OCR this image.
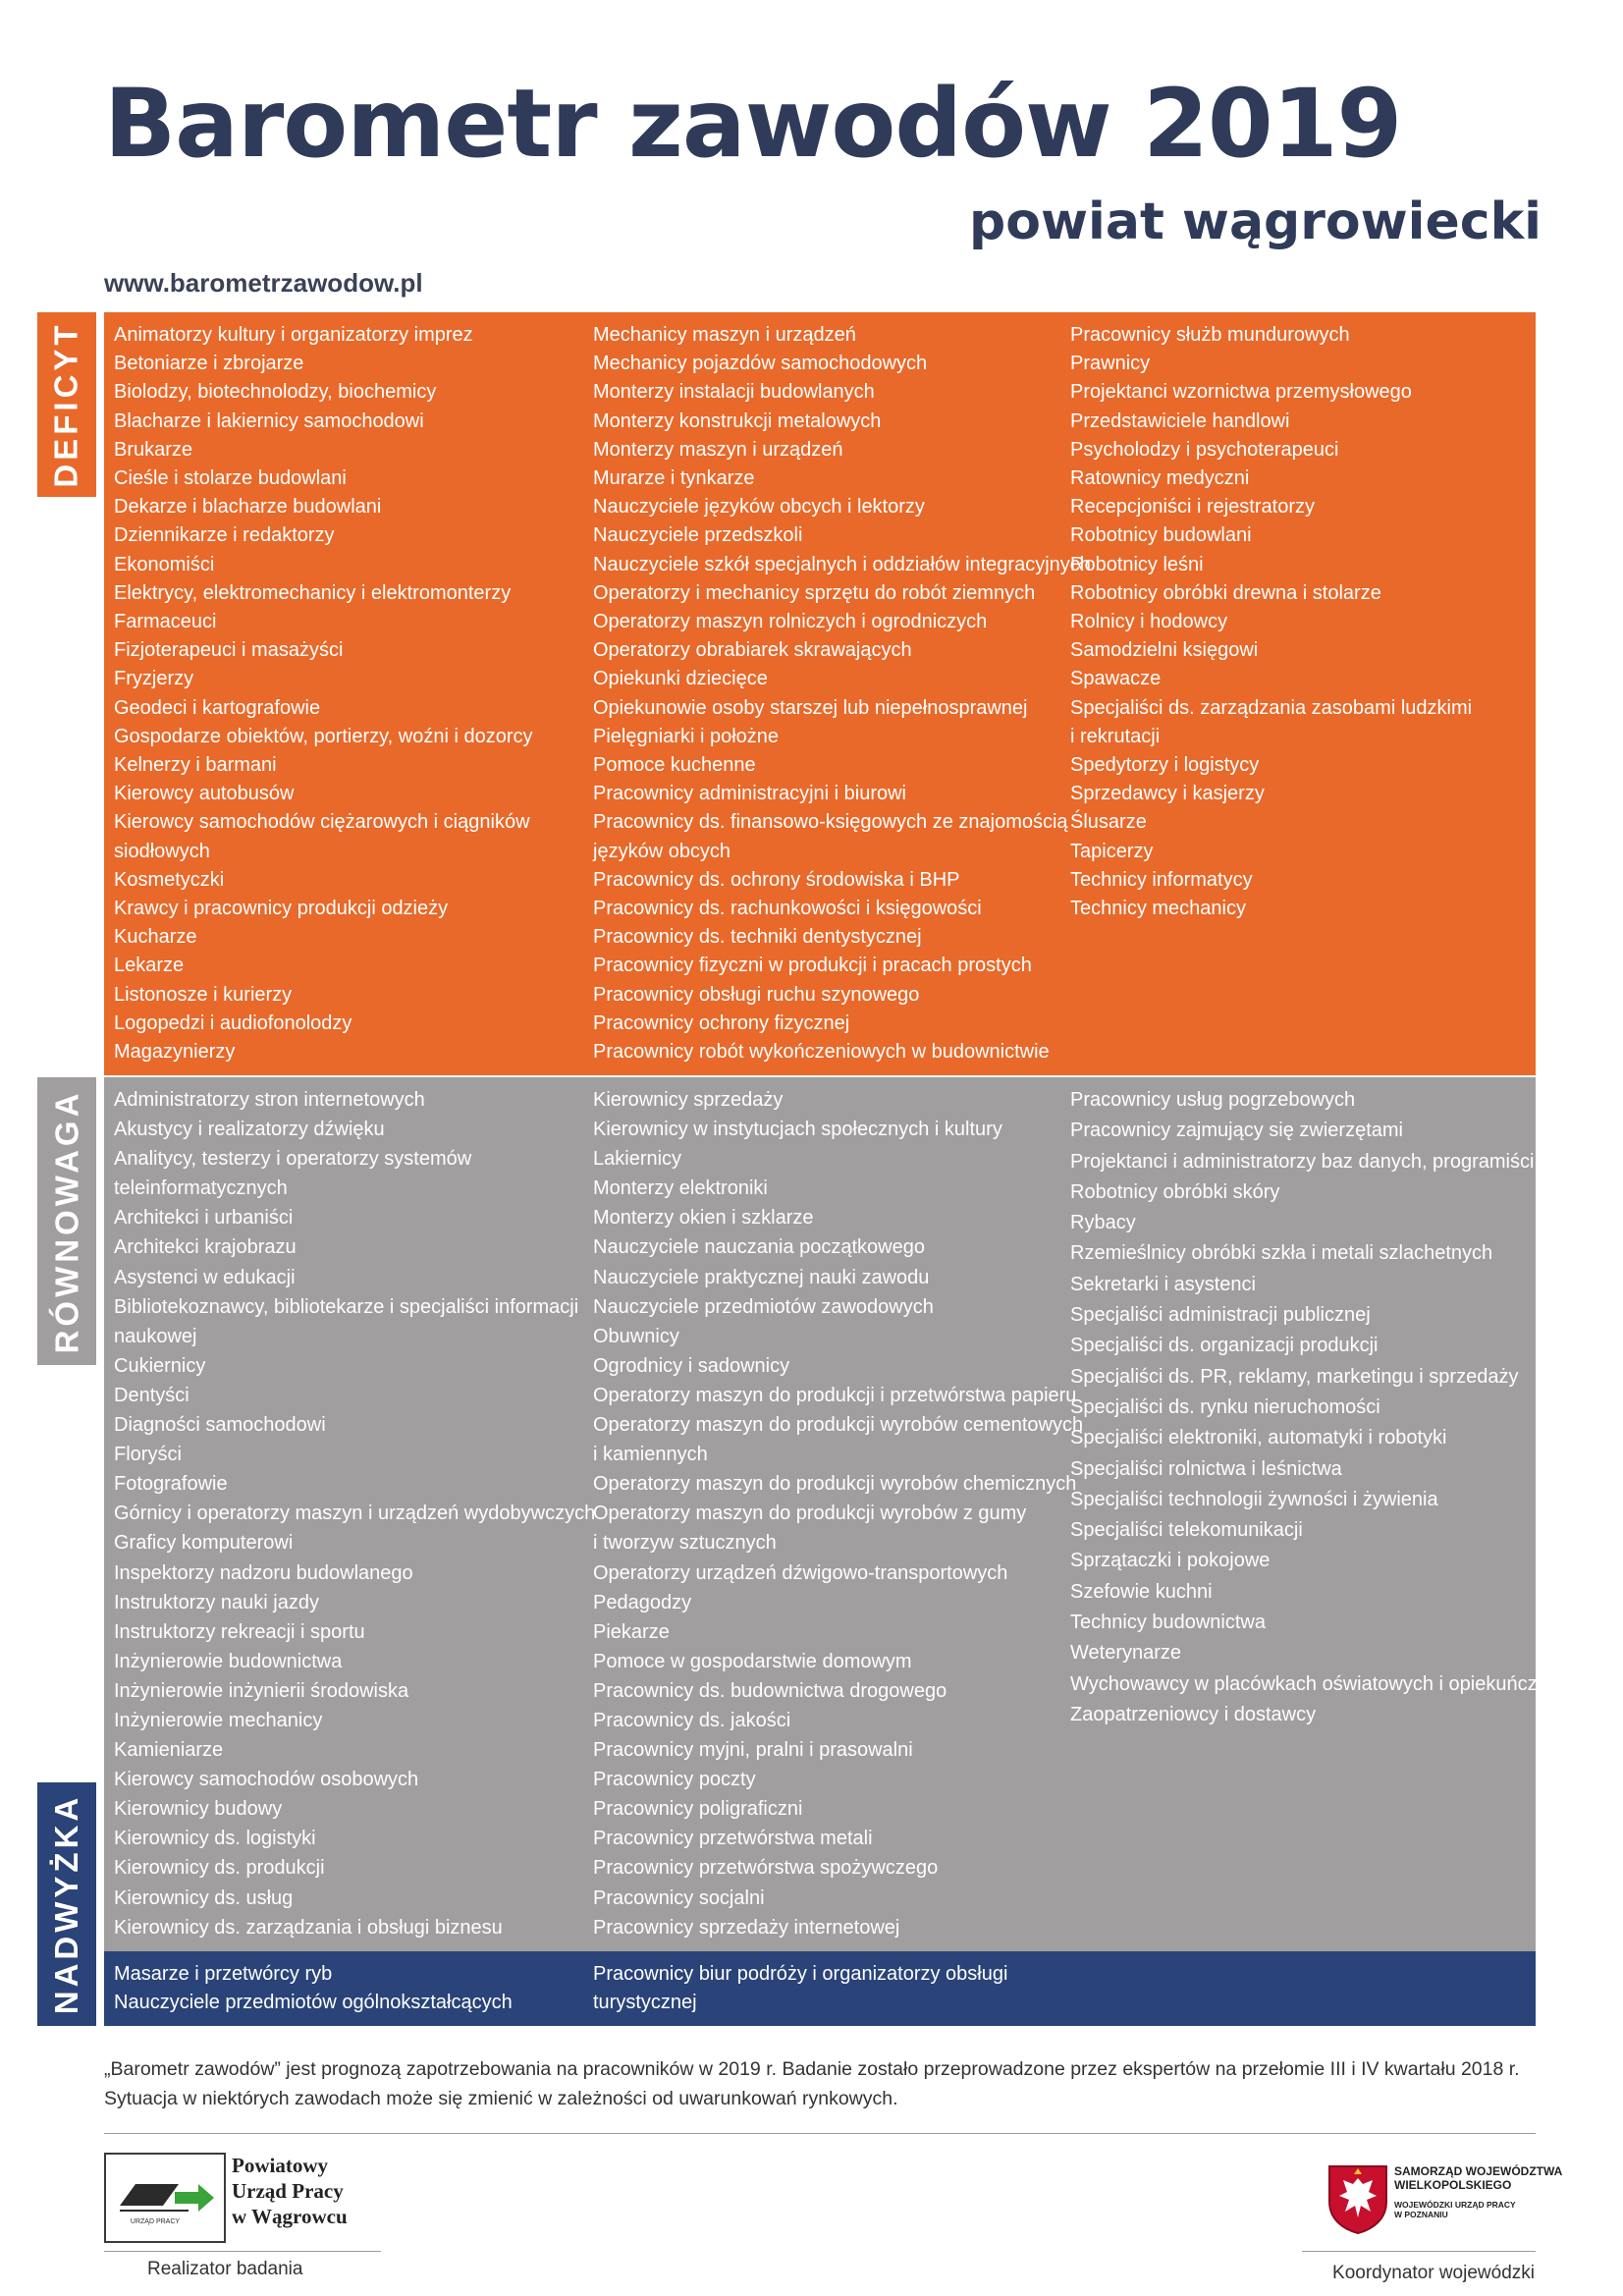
Barometr zawodów 2019
powiat wągrowiecki
www.barometrzawodow.pl
DEFICYT Animatorzy kultury i organizatorzy imprez
Betoniarze i zbrojarze
Biolodzy, biotechnolodzy, biochemicy
Blacharze i lakiernicy samochodowi
Brukarze
Cieśle i stolarze budowlani
Dekarze i blacharze budowlani
Dziennikarze i redaktorzy
Ekonomiści
Elektrycy, elektromechanicy i elektromonterzy
Farmaceuci
Fizjoterapeuci i masażyści
Fryzjerzy
Geodeci i kartografowie
Gospodarze obiektów, portierzy, woźni i dozorcy
Kelnerzy i barmani
Kierowcy autobusów
Kierowcy samochodów ciężarowych i ciągników
siodłowych
Kosmetyczki
Krawcy i pracownicy produkcji odzieży
Kucharze
Lekarze
Listonosze i kurierzy
Logopedzi i audiofonolodzy
Magazynierzy
Mechanicy maszyn i urządzeń
Mechanicy pojazdów samochodowych
Monterzy instalacji budowlanych
Monterzy konstrukcji metalowych
Monterzy maszyn i urządzeń
Murarze i tynkarze
Nauczyciele języków obcych i lektorzy
Nauczyciele przedszkoli
Nauczyciele szkół specjalnych i oddziałów integracyjnych
Operatorzy i mechanicy sprzętu do robót ziemnych
Operatorzy maszyn rolniczych i ogrodniczych
Operatorzy obrabiarek skrawających
Opiekunki dziecięce
Opiekunowie osoby starszej lub niepełnosprawnej
Pielęgniarki i położne
Pomoce kuchenne
Pracownicy administracyjni i biurowi
Pracownicy ds. finansowo-księgowych ze znajomością
języków obcych
Pracownicy ds. ochrony środowiska i BHP
Pracownicy ds. rachunkowości i księgowości
Pracownicy ds. techniki dentystycznej
Pracownicy fizyczni w produkcji i pracach prostych
Pracownicy obsługi ruchu szynowego
Pracownicy ochrony fizycznej
Pracownicy robót wykończeniowych w budownictwie
Pracownicy służb mundurowych
Prawnicy
Projektanci wzornictwa przemysłowego
Przedstawiciele handlowi
Psycholodzy i psychoterapeuci
Ratownicy medyczni
Recepcjoniści i rejestratorzy
Robotnicy budowlani
Robotnicy leśni
Robotnicy obróbki drewna i stolarze
Rolnicy i hodowcy
Samodzielni księgowi
Spawacze
Specjaliści ds. zarządzania zasobami ludzkimi
i rekrutacji
Spedytorzy i logistycy
Sprzedawcy i kasjerzy
Ślusarze
Tapicerzy
Technicy informatycy
Technicy mechanicy
RÓWNOWAGA Administratorzy stron internetowych
Akustycy i realizatorzy dźwięku
Analitycy, testerzy i operatorzy systemów
teleinformatycznych
Architekci i urbaniści
Architekci krajobrazu
Asystenci w edukacji
Bibliotekoznawcy, bibliotekarze i specjaliści informacji
naukowej
Cukiernicy
Dentyści
Diagności samochodowi
Floryści
Fotografowie
Górnicy i operatorzy maszyn i urządzeń wydobywczych
Graficy komputerowi
Inspektorzy nadzoru budowlanego
Instruktorzy nauki jazdy
Instruktorzy rekreacji i sportu
Inżynierowie budownictwa
Inżynierowie inżynierii środowiska
Inżynierowie mechanicy
Kamieniarze
Kierowcy samochodów osobowych
Kierownicy budowy
Kierownicy ds. logistyki
Kierownicy ds. produkcji
Kierownicy ds. usług
Kierownicy ds. zarządzania i obsługi biznesu
Kierownicy sprzedaży
Kierownicy w instytucjach społecznych i kultury
Lakiernicy
Monterzy elektroniki
Monterzy okien i szklarze
Nauczyciele nauczania początkowego
Nauczyciele praktycznej nauki zawodu
Nauczyciele przedmiotów zawodowych
Obuwnicy
Ogrodnicy i sadownicy
Operatorzy maszyn do produkcji i przetwórstwa papieru
Operatorzy maszyn do produkcji wyrobów cementowych
i kamiennych
Operatorzy maszyn do produkcji wyrobów chemicznych
Operatorzy maszyn do produkcji wyrobów z gumy
i tworzyw sztucznych
Operatorzy urządzeń dźwigowo-transportowych
Pedagodzy
Piekarze
Pomoce w gospodarstwie domowym
Pracownicy ds. budownictwa drogowego
Pracownicy ds. jakości
Pracownicy myjni, pralni i prasowalni
Pracownicy poczty
Pracownicy poligraficzni
Pracownicy przetwórstwa metali
Pracownicy przetwórstwa spożywczego
Pracownicy socjalni
Pracownicy sprzedaży internetowej
Pracownicy usług pogrzebowych
Pracownicy zajmujący się zwierzętami
Projektanci i administratorzy baz danych, programiści
Robotnicy obróbki skóry
Rybacy
Rzemieślnicy obróbki szkła i metali szlachetnych
Sekretarki i asystenci
Specjaliści administracji publicznej
Specjaliści ds. organizacji produkcji
Specjaliści ds. PR, reklamy, marketingu i sprzedaży
Specjaliści ds. rynku nieruchomości
Specjaliści elektroniki, automatyki i robotyki
Specjaliści rolnictwa i leśnictwa
Specjaliści technologii żywności i żywienia
Specjaliści telekomunikacji
Sprzątaczki i pokojowe
Szefowie kuchni
Technicy budownictwa
Weterynarze
Wychowawcy w placówkach oświatowych i opiekuńczych
Zaopatrzeniowcy i dostawcy
NADWYŻKA Masarze i przetwórcy ryb
Nauczyciele przedmiotów ogólnokształcących
Pracownicy biur podróży i organizatorzy obsługi
turystycznej
„Barometr zawodów” jest prognozą zapotrzebowania na pracowników w 2019 r. Badanie zostało przeprowadzone przez ekspertów na przełomie III i IV kwartału 2018 r. Sytuacja w niektórych zawodach może się zmienić w zależności od uwarunkowań rynkowych.
URZĄD PRACY
Powiatowy
Urząd Pracy
w Wągrowcu
Realizator badania
SAMORZĄD WOJEWÓDZTWA
WIELKOPOLSKIEGO
WOJEWÓDZKI URZĄD PRACY
W POZNANIU
Koordynator wojewódzki
